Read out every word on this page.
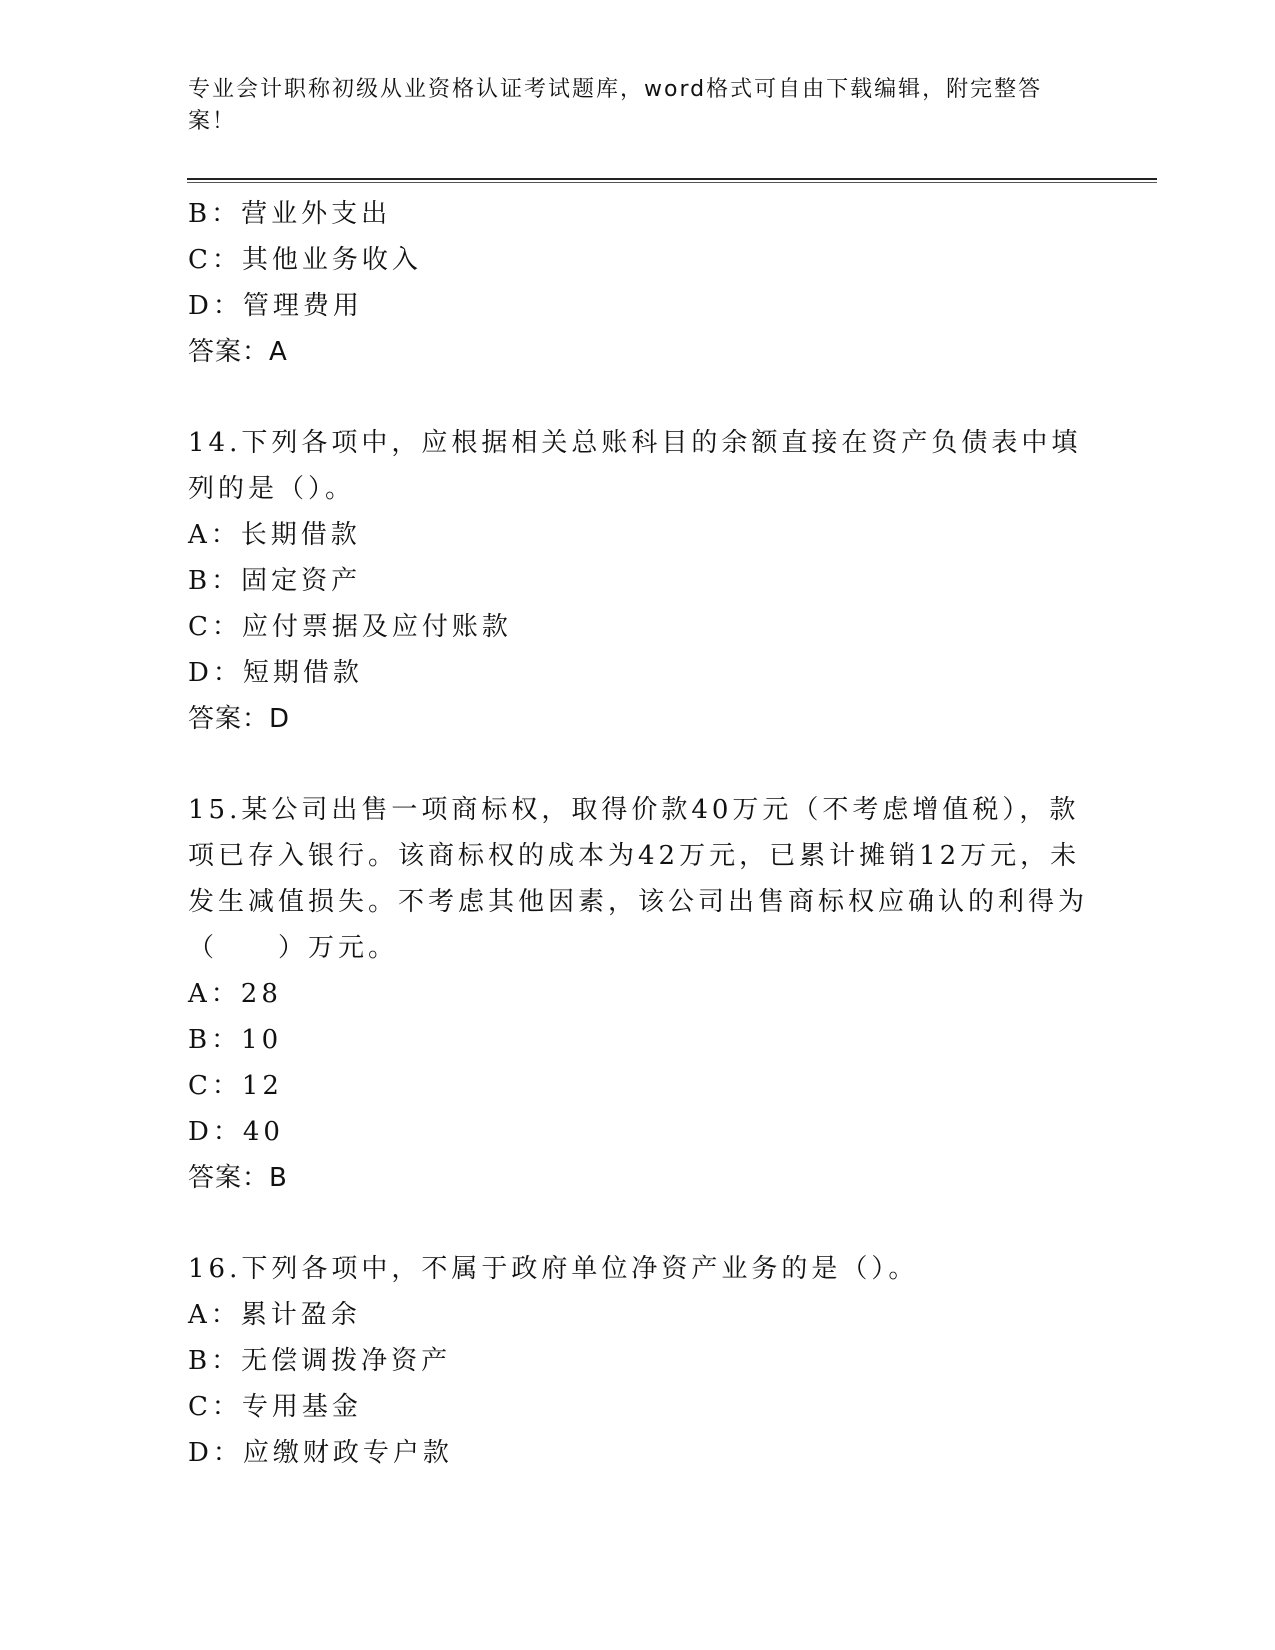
专业会计职称初级从业资格认证考试题库，word格式可自由下载编辑，附完整答案！

B：营业外支出

C：其他业务收入

D：管理费用

答案：A

14.下列各项中，应根据相关总账科目的余额直接在资产负债表中填列的是（）。

A：长期借款

B：固定资产

C：应付票据及应付账款

D：短期借款

答案：D

15.某公司出售一项商标权，取得价款40万元（不考虑增值税），款项已存入银行。该商标权的成本为42万元，已累计摊销12万元，未发生减值损失。不考虑其他因素，该公司出售商标权应确认的利得为（　　）万元。

A：28

B：10

C：12

D：40

答案：B

16.下列各项中，不属于政府单位净资产业务的是（）。

A：累计盈余

B：无偿调拨净资产

C：专用基金

D：应缴财政专户款
